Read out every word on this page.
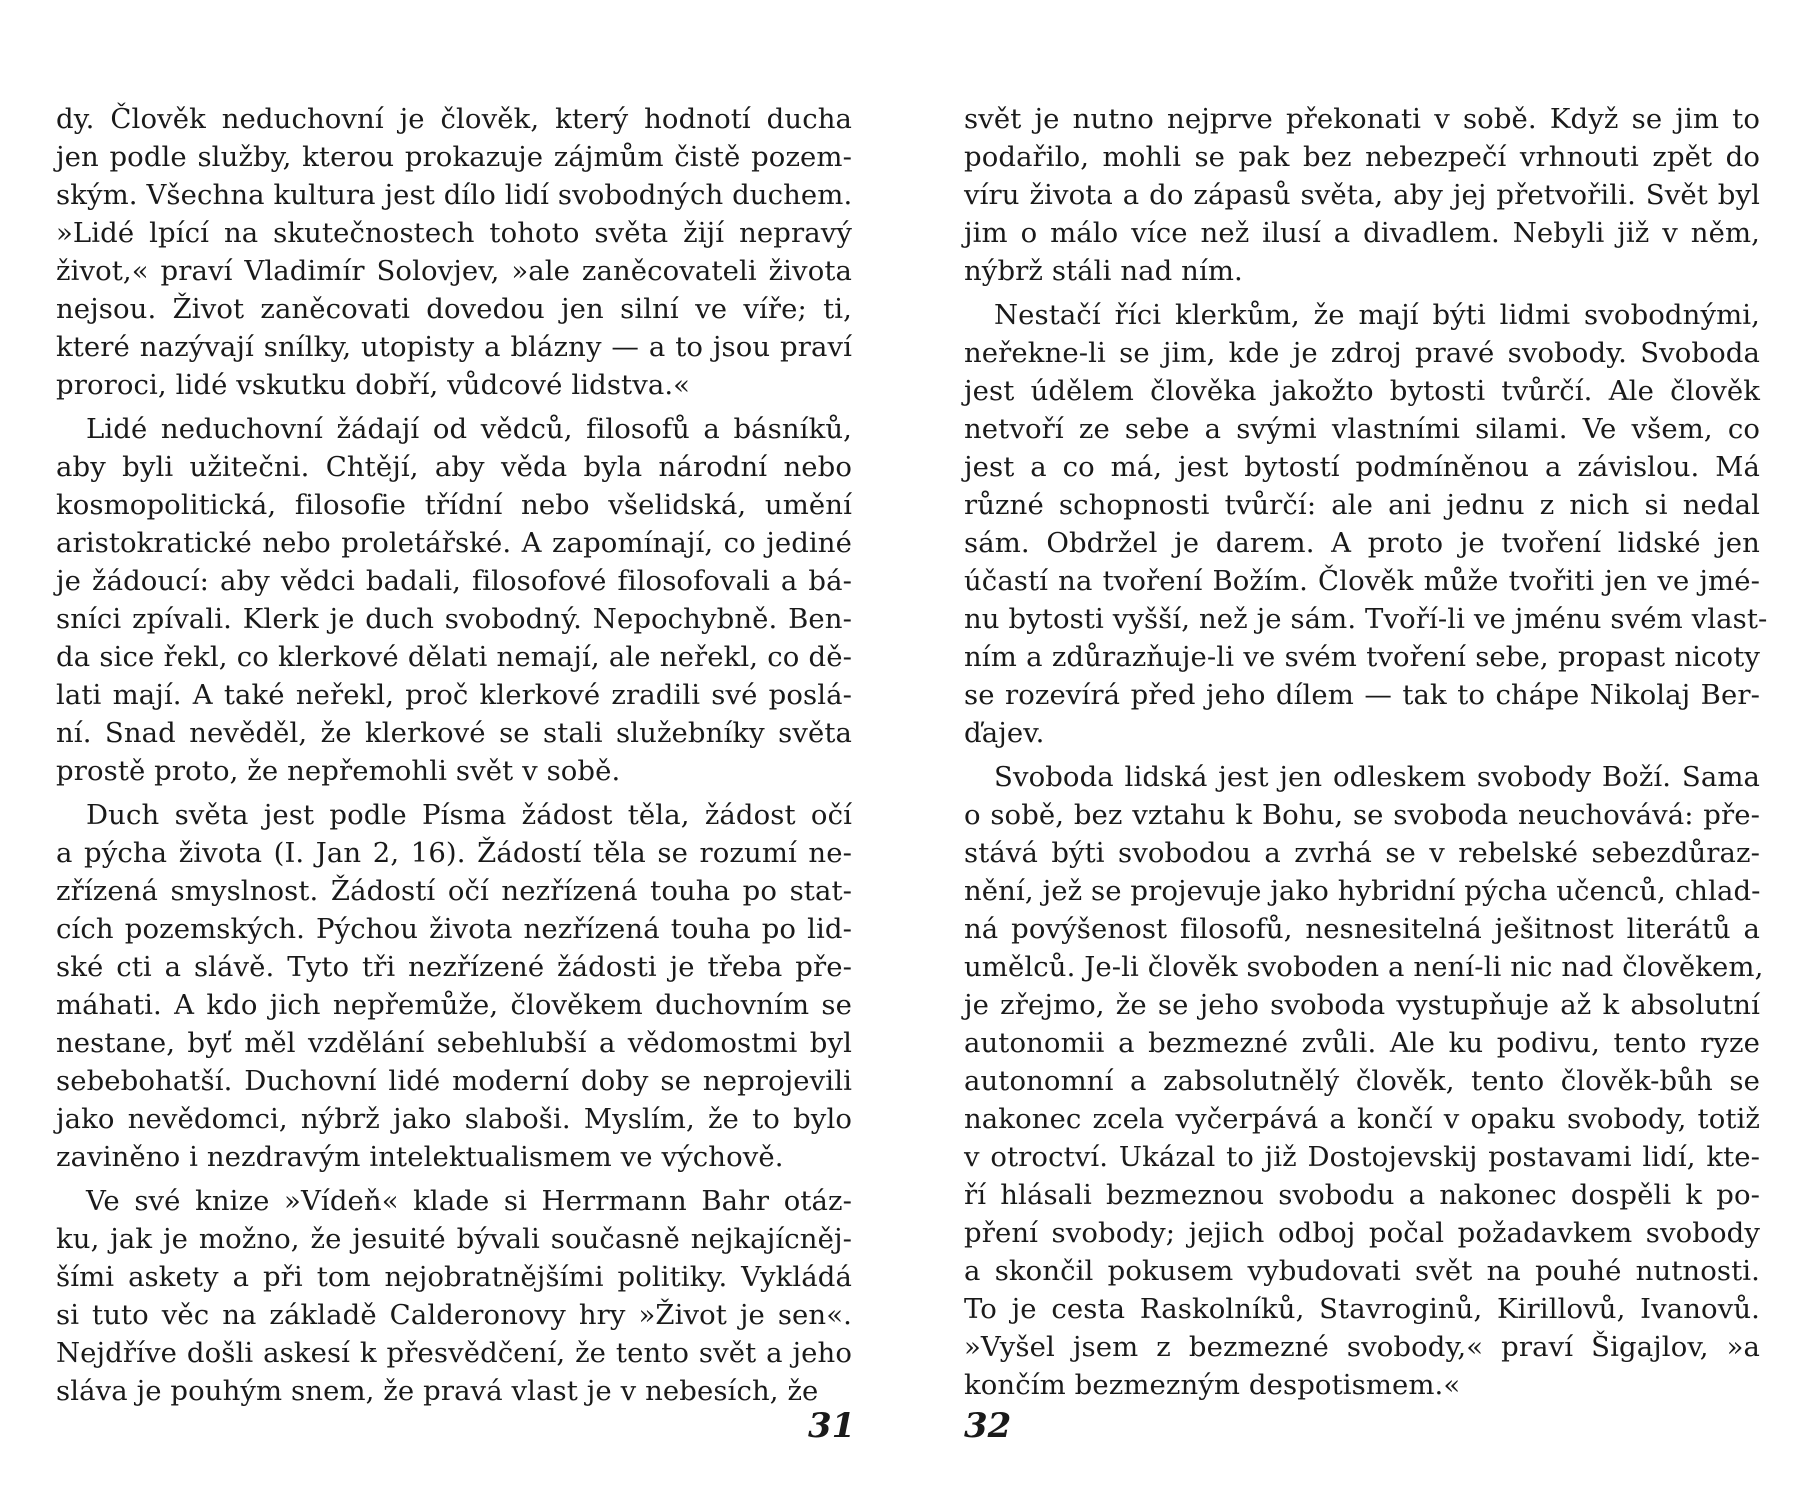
dy. Člověk neduchovní je člověk, který hodnotí ducha
jen podle služby, kterou prokazuje zájmům čistě pozem-
ským. Všechna kultura jest dílo lidí svobodných duchem.
»Lidé lpící na skutečnostech tohoto světa žijí nepravý
život,« praví Vladimír Solovjev, »ale zaněcovateli života
nejsou. Život zaněcovati dovedou jen silní ve víře; ti,
které nazývají snílky, utopisty a blázny — a to jsou praví
proroci, lidé vskutku dobří, vůdcové lidstva.«
Lidé neduchovní žádají od vědců, filosofů a básníků,
aby byli užitečni. Chtějí, aby věda byla národní nebo
kosmopolitická, filosofie třídní nebo všelidská, umění
aristokratické nebo proletářské. A zapomínají, co jediné
je žádoucí: aby vědci badali, filosofové filosofovali a bá-
sníci zpívali. Klerk je duch svobodný. Nepochybně. Ben-
da sice řekl, co klerkové dělati nemají, ale neřekl, co dě-
lati mají. A také neřekl, proč klerkové zradili své poslá-
ní. Snad nevěděl, že klerkové se stali služebníky světa
prostě proto, že nepřemohli svět v sobě.
Duch světa jest podle Písma žádost těla, žádost očí
a pýcha života (I. Jan 2, 16). Žádostí těla se rozumí ne-
zřízená smyslnost. Žádostí očí nezřízená touha po stat-
cích pozemských. Pýchou života nezřízená touha po lid-
ské cti a slávě. Tyto tři nezřízené žádosti je třeba pře-
máhati. A kdo jich nepřemůže, člověkem duchovním se
nestane, byť měl vzdělání sebehlubší a vědomostmi byl
sebebohatší. Duchovní lidé moderní doby se neprojevili
jako nevědomci, nýbrž jako slaboši. Myslím, že to bylo
zaviněno i nezdravým intelektualismem ve výchově.
Ve své knize »Vídeň« klade si Herrmann Bahr otáz-
ku, jak je možno, že jesuité bývali současně nejkajícněj-
šími askety a při tom nejobratnějšími politiky. Vykládá
si tuto věc na základě Calderonovy hry »Život je sen«.
Nejdříve došli askesí k přesvědčení, že tento svět a jeho
sláva je pouhým snem, že pravá vlast je v nebesích, že
31
svět je nutno nejprve překonati v sobě. Když se jim to
podařilo, mohli se pak bez nebezpečí vrhnouti zpět do
víru života a do zápasů světa, aby jej přetvořili. Svět byl
jim o málo více než ilusí a divadlem. Nebyli již v něm,
nýbrž stáli nad ním.
Nestačí říci klerkům, že mají býti lidmi svobodnými,
neřekne-li se jim, kde je zdroj pravé svobody. Svoboda
jest údělem člověka jakožto bytosti tvůrčí. Ale člověk
netvoří ze sebe a svými vlastními silami. Ve všem, co
jest a co má, jest bytostí podmíněnou a závislou. Má
různé schopnosti tvůrčí: ale ani jednu z nich si nedal
sám. Obdržel je darem. A proto je tvoření lidské jen
účastí na tvoření Božím. Člověk může tvořiti jen ve jmé-
nu bytosti vyšší, než je sám. Tvoří-li ve jménu svém vlast-
ním a zdůrazňuje-li ve svém tvoření sebe, propast nicoty
se rozevírá před jeho dílem — tak to chápe Nikolaj Ber-
ďajev.
Svoboda lidská jest jen odleskem svobody Boží. Sama
o sobě, bez vztahu k Bohu, se svoboda neuchovává: pře-
stává býti svobodou a zvrhá se v rebelské sebezdůraz-
nění, jež se projevuje jako hybridní pýcha učenců, chlad-
ná povýšenost filosofů, nesnesitelná ješitnost literátů a
umělců. Je-li člověk svoboden a není-li nic nad člověkem,
je zřejmo, že se jeho svoboda vystupňuje až k absolutní
autonomii a bezmezné zvůli. Ale ku podivu, tento ryze
autonomní a zabsolutnělý člověk, tento člověk-bůh se
nakonec zcela vyčerpává a končí v opaku svobody, totiž
v otroctví. Ukázal to již Dostojevskij postavami lidí, kte-
ří hlásali bezmeznou svobodu a nakonec dospěli k po-
pření svobody; jejich odboj počal požadavkem svobody
a skončil pokusem vybudovati svět na pouhé nutnosti.
To je cesta Raskolníků, Stavroginů, Kirillovů, Ivanovů.
»Vyšel jsem z bezmezné svobody,« praví Šigajlov, »a
končím bezmezným despotismem.«
32
